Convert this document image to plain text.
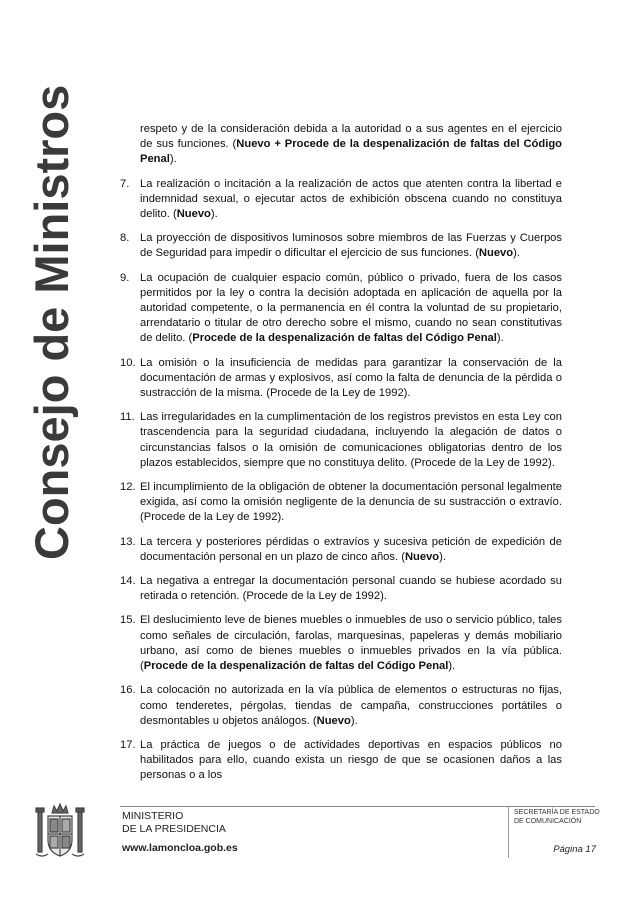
Consejo de Ministros	respeto y de la consideración debida a la autoridad o a sus agentes en el ejercicio de sus funciones. (Nuevo + Procede de la despenalización de faltas del Código Penal).

7. La realización o incitación a la realización de actos que atenten contra la libertad e indemnidad sexual, o ejecutar actos de exhibición obscena cuando no constituya delito. (Nuevo).
8. La proyección de dispositivos luminosos sobre miembros de las Fuerzas y Cuerpos de Seguridad para impedir o dificultar el ejercicio de sus funciones. (Nuevo).
9. La ocupación de cualquier espacio común, público o privado, fuera de los casos permitidos por la ley o contra la decisión adoptada en aplicación de aquella por la autoridad competente, o la permanencia en él contra la voluntad de su propietario, arrendatario o titular de otro derecho sobre el mismo, cuando no sean constitutivas de delito. (Procede de la despenalización de faltas del Código Penal).
10. La omisión o la insuficiencia de medidas para garantizar la conservación de la documentación de armas y explosivos, así como la falta de denuncia de la pérdida o sustracción de la misma. (Procede de la Ley de 1992).
11. Las irregularidades en la cumplimentación de los registros previstos en esta Ley con trascendencia para la seguridad ciudadana, incluyendo la alegación de datos o circunstancias falsos o la omisión de comunicaciones obligatorias dentro de los plazos establecidos, siempre que no constituya delito. (Procede de la Ley de 1992).
12. El incumplimiento de la obligación de obtener la documentación personal legalmente exigida, así como la omisión negligente de la denuncia de su sustracción o extravío. (Procede de la Ley de 1992).
13. La tercera y posteriores pérdidas o extravíos y sucesiva petición de expedición de documentación personal en un plazo de cinco años. (Nuevo).
14. La negativa a entregar la documentación personal cuando se hubiese acordado su retirada o retención. (Procede de la Ley de 1992).
15. El deslucimiento leve de bienes muebles o inmuebles de uso o servicio público, tales como señales de circulación, farolas, marquesinas, papeleras y demás mobiliario urbano, así como de bienes muebles o inmuebles privados en la vía pública. (Procede de la despenalización de faltas del Código Penal).
16. La colocación no autorizada en la vía pública de elementos o estructuras no fijas, como tenderetes, pérgolas, tiendas de campaña, construcciones portátiles o desmontables u objetos análogos. (Nuevo).
17. La práctica de juegos o de actividades deportivas en espacios públicos no habilitados para ello, cuando exista un riesgo de que se ocasionen daños a las personas o a los
MINISTERIO
DE LA PRESIDENCIA
www.lamoncloa.gob.es
SECRETARÍA DE ESTADO
DE COMUNICACIÓN
Página 17
